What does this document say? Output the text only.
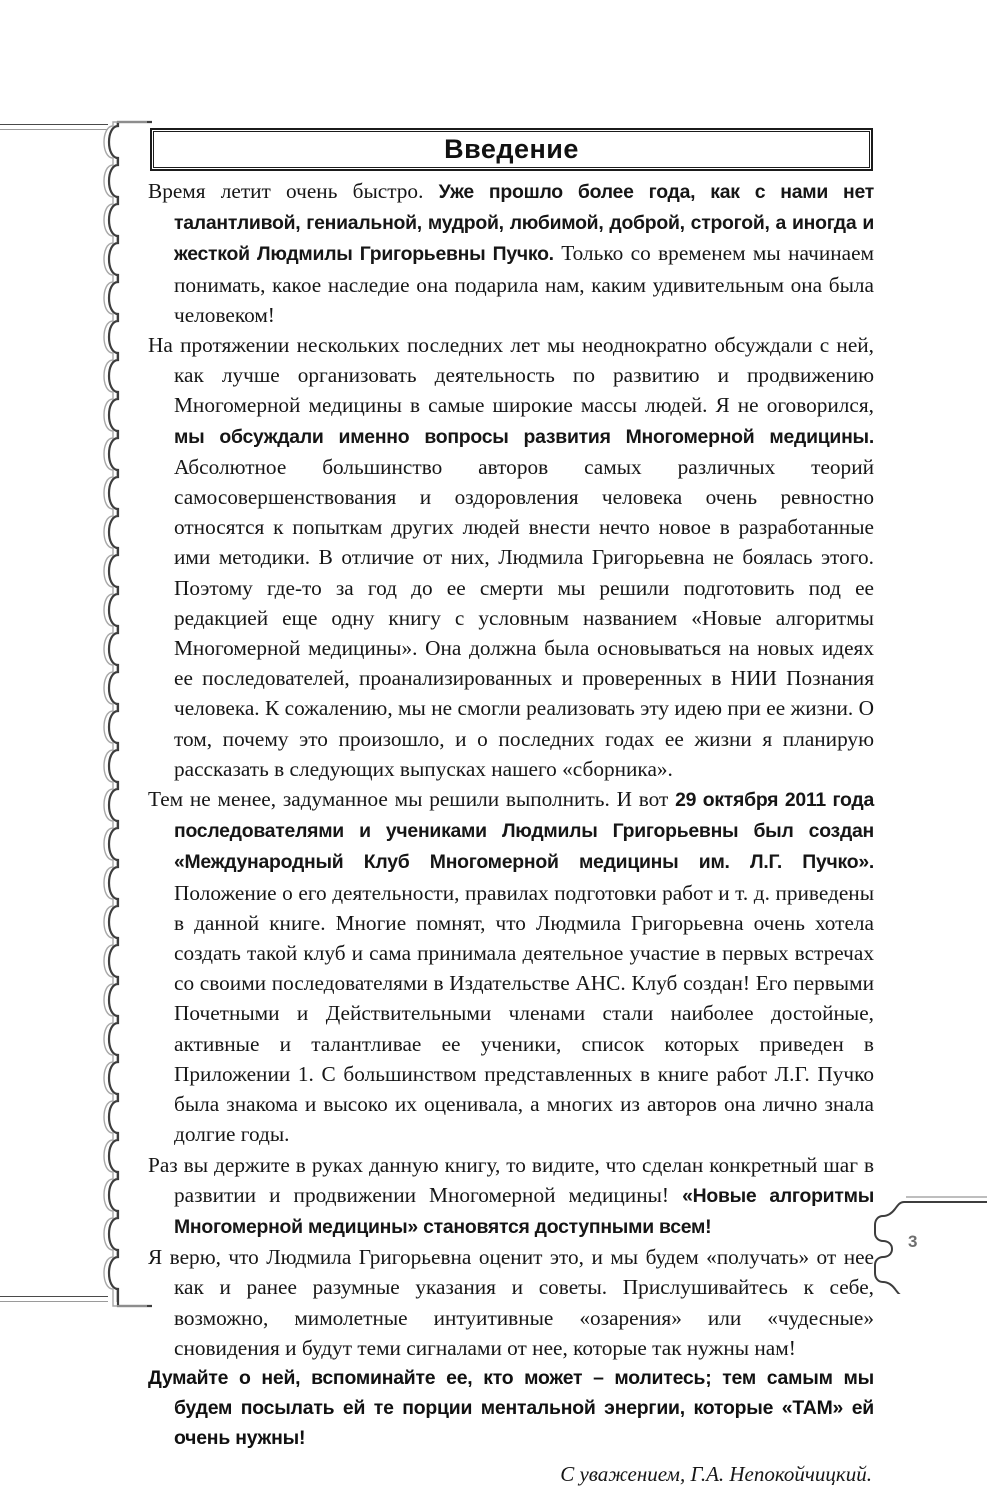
Введение

Время летит очень быстро. Уже прошло более года, как с нами нет талантливой, гениальной, мудрой, любимой, доброй, строгой, а иногда и жесткой Людмилы Григорьевны Пучко. Только со временем мы начинаем понимать, какое наследие она подарила нам, каким удивительным она была человеком!

На протяжении нескольких последних лет мы неоднократно обсуждали с ней, как лучше организовать деятельность по развитию и продвижению Многомерной медицины в самые широкие массы людей. Я не оговорился, мы обсуждали именно вопросы развития Многомерной медицины. Абсолютное большинство авторов самых различных теорий самосовершенствования и оздоровления человека очень ревностно относятся к попыткам других людей внести нечто новое в разработанные ими методики. В отличие от них, Людмила Григорьевна не боялась этого. Поэтому где-то за год до ее смерти мы решили подготовить под ее редакцией еще одну книгу с условным названием «Новые алгоритмы Многомерной медицины». Она должна была основываться на новых идеях ее последователей, проанализированных и проверенных в НИИ Познания человека. К сожалению, мы не смогли реализовать эту идею при ее жизни. О том, почему это произошло, и о последних годах ее жизни я планирую рассказать в следующих выпусках нашего «сборника».

Тем не менее, задуманное мы решили выполнить. И вот 29 октября 2011 года последователями и учениками Людмилы Григорьевны был создан «Международный Клуб Многомерной медицины им. Л.Г. Пучко». Положение о его деятельности, правилах подготовки работ и т. д. приведены в данной книге. Многие помнят, что Людмила Григорьевна очень хотела создать такой клуб и сама принимала деятельное участие в первых встречах со своими последователями в Издательстве АНС. Клуб создан! Его первыми Почетными и Действительными членами стали наиболее достойные, активные и талантливае ее ученики, список которых приведен в Приложении 1. С большинством представленных в книге работ Л.Г. Пучко была знакома и высоко их оценивала, а многих из авторов она лично знала долгие годы.

Раз вы держите в руках данную книгу, то видите, что сделан конкретный шаг в развитии и продвижении Многомерной медицины! «Новые алгоритмы Многомерной медицины» становятся доступными всем!

Я верю, что Людмила Григорьевна оценит это, и мы будем «получать» от нее как и ранее разумные указания и советы. Прислушивайтесь к себе, возможно, мимолетные интуитивные «озарения» или «чудесные» сновидения и будут теми сигналами от нее, которые так нужны нам!

Думайте о ней, вспоминайте ее, кто может – молитесь; тем самым мы будем посылать ей те порции ментальной энергии, которые «ТАМ» ей очень нужны!

С уважением, Г.А. Непокойчицкий.

3
